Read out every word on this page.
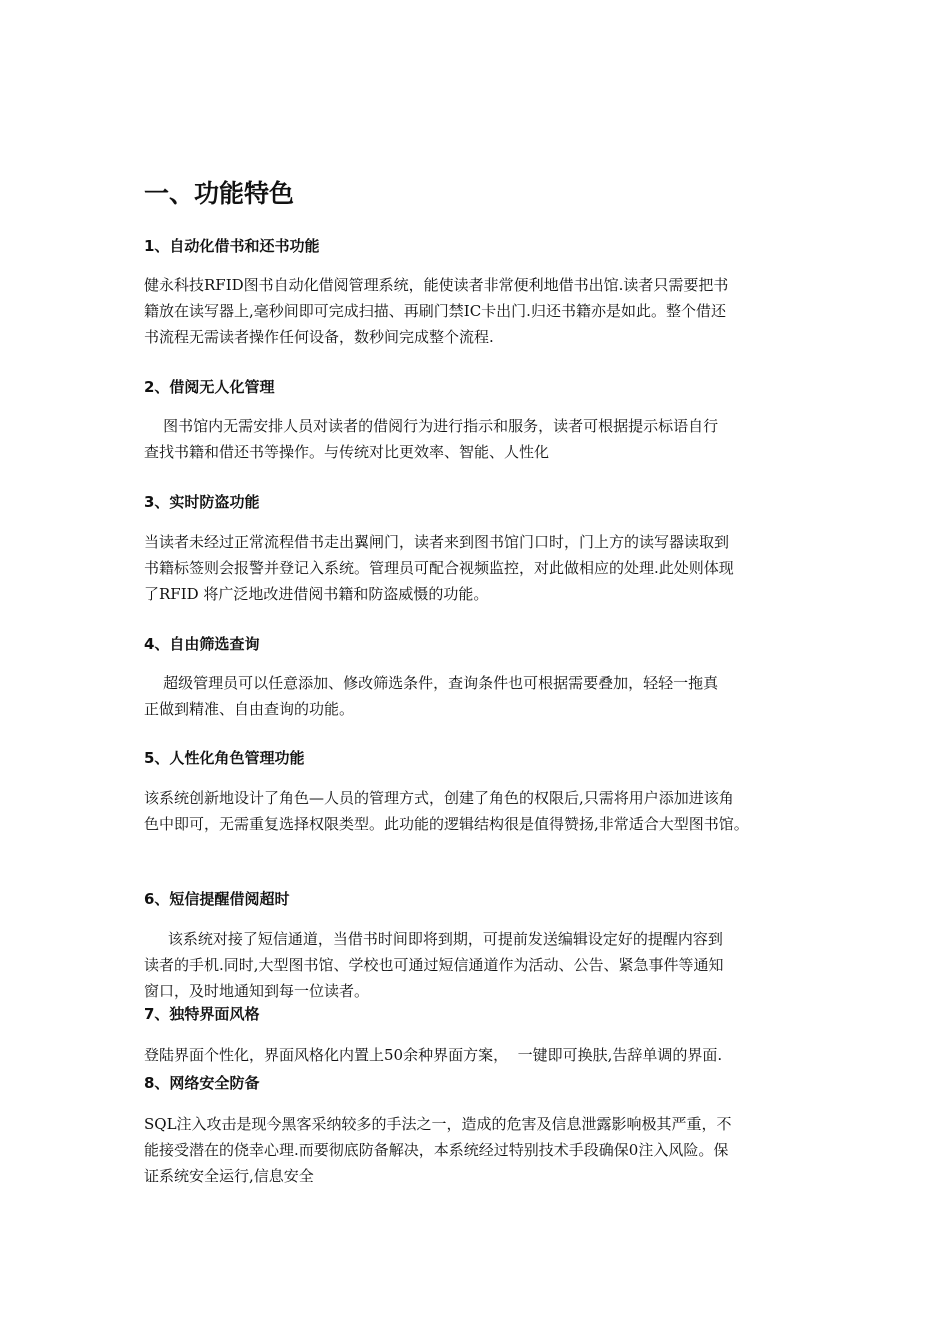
一、功能特色
1、自动化借书和还书功能

健永科技RFID图书自动化借阅管理系统，能使读者非常便利地借书出馆.读者只需要把书
籍放在读写器上,毫秒间即可完成扫描、再刷门禁IC卡出门.归还书籍亦是如此。整个借还
书流程无需读者操作任何设备，数秒间完成整个流程.

2、借阅无人化管理

图书馆内无需安排人员对读者的借阅行为进行指示和服务，读者可根据提示标语自行
查找书籍和借还书等操作。与传统对比更效率、智能、人性化

3、实时防盗功能

当读者未经过正常流程借书走出翼闸门，读者来到图书馆门口时，门上方的读写器读取到
书籍标签则会报警并登记入系统。管理员可配合视频监控，对此做相应的处理.此处则体现
了RFID 将广泛地改进借阅书籍和防盗威慑的功能。

4、自由筛选查询

超级管理员可以任意添加、修改筛选条件，查询条件也可根据需要叠加，轻轻一拖真
正做到精准、自由查询的功能。

5、人性化角色管理功能

该系统创新地设计了角色—人员的管理方式，创建了角色的权限后,只需将用户添加进该角
色中即可，无需重复选择权限类型。此功能的逻辑结构很是值得赞扬,非常适合大型图书馆。

6、短信提醒借阅超时

该系统对接了短信通道，当借书时间即将到期，可提前发送编辑设定好的提醒内容到
读者的手机.同时,大型图书馆、学校也可通过短信通道作为活动、公告、紧急事件等通知
窗口，及时地通知到每一位读者。

7、独特界面风格

登陆界面个性化，界面风格化内置上50余种界面方案，  一键即可换肤,告辞单调的界面.

8、网络安全防备

SQL注入攻击是现今黑客采纳较多的手法之一，造成的危害及信息泄露影响极其严重，不
能接受潜在的侥幸心理.而要彻底防备解决，本系统经过特别技术手段确保0注入风险。保
证系统安全运行,信息安全
